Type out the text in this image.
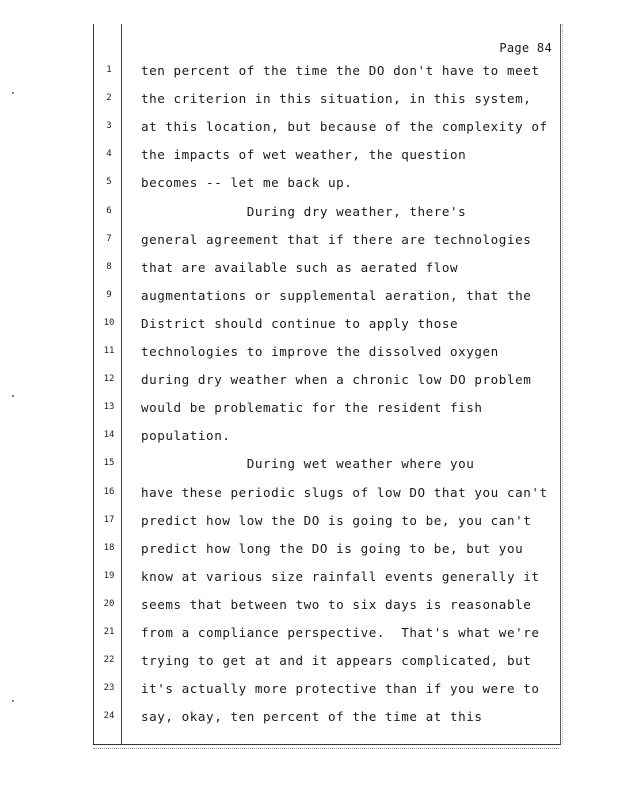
Page 84
1	ten percent of the time the DO don't have to meet
2	the criterion in this situation, in this system,
3	at this location, but because of the complexity of
4	the impacts of wet weather, the question
5	becomes -- let me back up.
6	During dry weather, there's
7	general agreement that if there are technologies
8	that are available such as aerated flow
9	augmentations or supplemental aeration, that the
10	District should continue to apply those
11	technologies to improve the dissolved oxygen
12	during dry weather when a chronic low DO problem
13	would be problematic for the resident fish
14	population.
15	During wet weather where you
16	have these periodic slugs of low DO that you can't
17	predict how low the DO is going to be, you can't
18	predict how long the DO is going to be, but you
19	know at various size rainfall events generally it
20	seems that between two to six days is reasonable
21	from a compliance perspective.  That's what we're
22	trying to get at and it appears complicated, but
23	it's actually more protective than if you were to
24	say, okay, ten percent of the time at this
